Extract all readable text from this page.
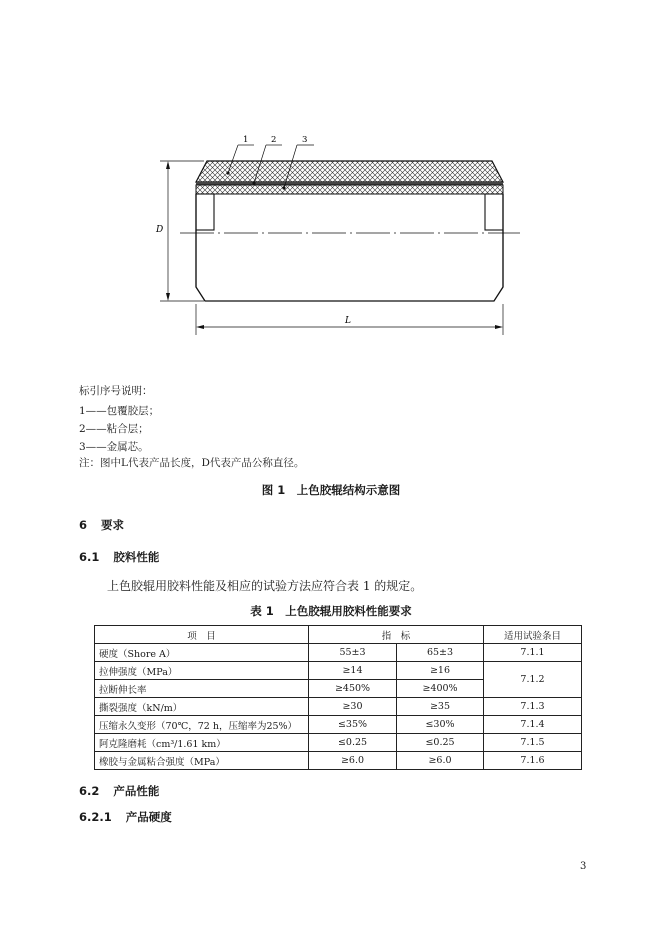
D
L
1	2	3
标引序号说明：
1——包覆胶层；
2——粘合层；
3——金属芯。
注：图中L代表产品长度，D代表产品公称直径。
图 1　上色胶辊结构示意图
6 要求
6.1 胶料性能
上色胶辊用胶料性能及相应的试验方法应符合表 1 的规定。
表 1　上色胶辊用胶料性能要求
项　目	指　标		适用试验条目
硬度（Shore A）	55±3	65±3	7.1.1
拉伸强度（MPa）	≥14	≥16	7.1.2
拉断伸长率	≥450%	≥400%	
撕裂强度（kN/m）	≥30	≥35	7.1.3
压缩永久变形（70℃，72 h，压缩率为25%）	≤35%	≤30%	7.1.4
阿克隆磨耗（cm³/1.61 km）	≤0.25	≤0.25	7.1.5
橡胶与金属粘合强度（MPa）	≥6.0	≥6.0	7.1.6
6.2 产品性能
6.2.1 产品硬度
3
